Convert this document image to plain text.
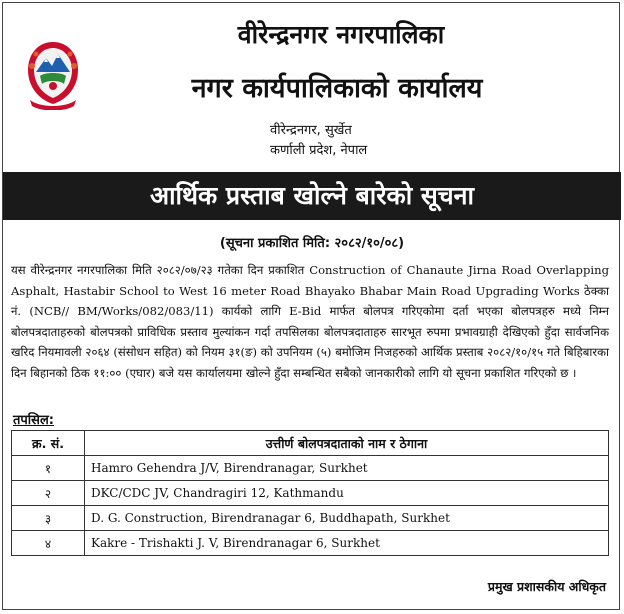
वीरेन्द्रनगर नगरपालिका
नगर कार्यपालिकाको कार्यालय
वीरेन्द्रनगर, सुर्खेत
कर्णाली प्रदेश, नेपाल
आर्थिक प्रस्ताब खोल्ने बारेको सूचना
(सूचना प्रकाशित मिति: २०८२/१०/०८)
यस वीरेन्द्रनगर नगरपालिका मिति २०८२/०७/२३ गतेका दिन प्रकाशित Construction of Chanaute Jirna Road Overlapping Asphalt, Hastabir School to West 16 meter Road Bhayako Bhabar Main Road Upgrading Works ठेक्का नं. (NCB// BM/Works/082/083/11) कार्यको लागि E-Bid मार्फत बोलपत्र गरिएकोमा दर्ता भएका बोलपत्रहरु मध्ये निम्न बोलपत्रदाताहरुको बोलपत्रको प्राविधिक प्रस्ताव मुल्यांकन गर्दा तपसिलका बोलपत्रदाताहरु सारभूत रुपमा प्रभावग्राही देखिएको हुँदा सार्वजनिक खरिद नियमावली २०६४ (संसोधन सहित) को नियम ३१(ङ) को उपनियम (५) बमोजिम निजहरुको आर्थिक प्रस्ताब २०८२/१०/१५ गते बिहिबारका दिन बिहानको ठिक ११:०० (एघार) बजे यस कार्यालयमा खोल्ने हुँदा सम्बन्धित सबैको जानकारीको लागि यो सूचना प्रकाशित गरिएको छ ।
तपसिल:
क्र. सं.	उत्तीर्ण बोलपत्रदाताको नाम र ठेगाना
१	Hamro Gehendra J/V, Birendranagar, Surkhet
२	DKC/CDC JV, Chandragiri 12, Kathmandu
३	D. G. Construction, Birendranagar 6, Buddhapath, Surkhet
४	Kakre - Trishakti J. V, Birendranagar 6, Surkhet
प्रमुख प्रशासकीय अधिकृत
